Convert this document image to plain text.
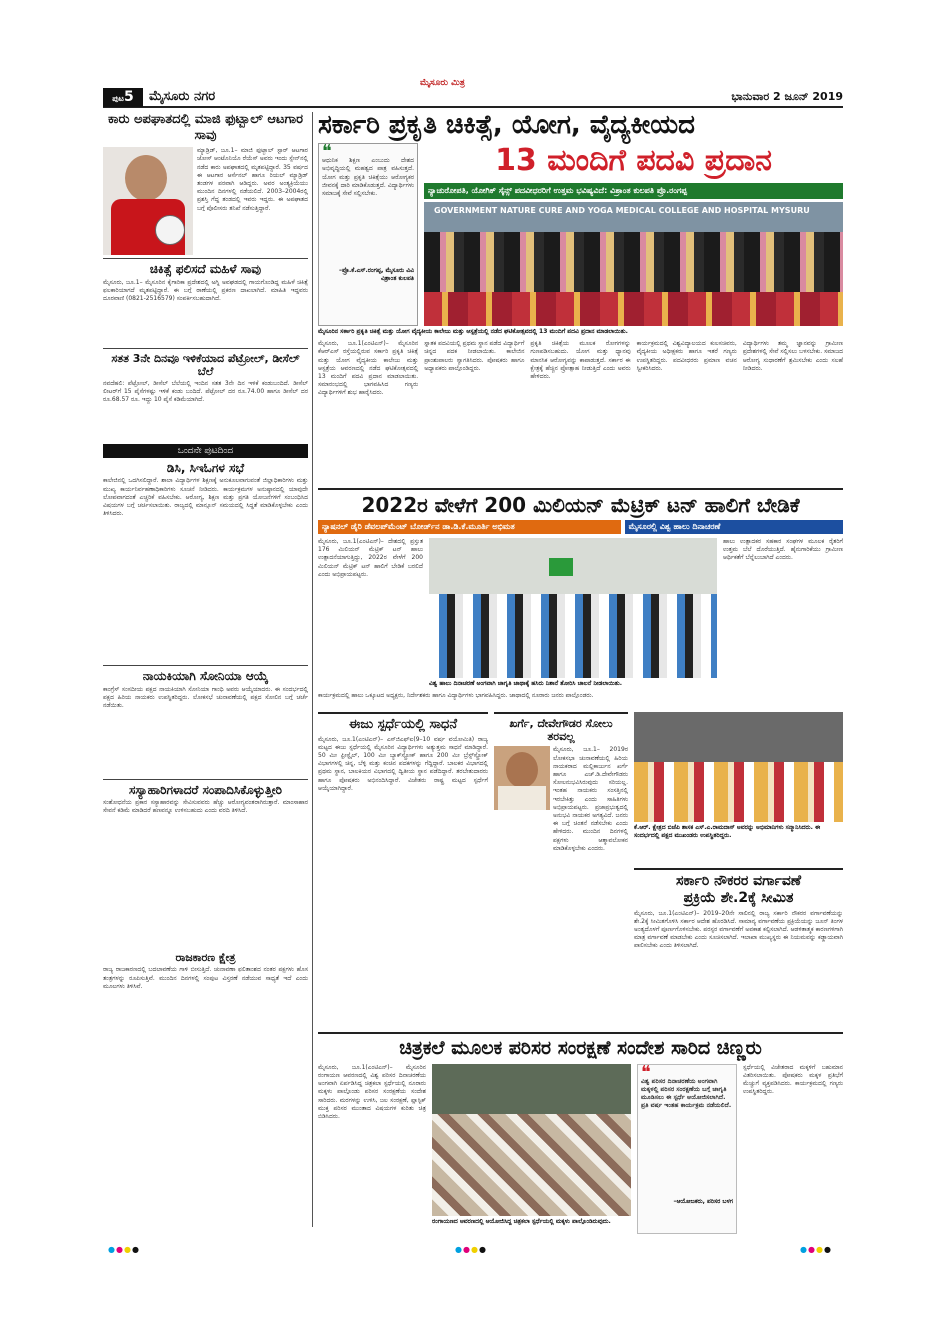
ಮೈಸೂರು ಮಿತ್ರ
ಪುಟ5	ಮೈಸೂರು ನಗರ	ಭಾನುವಾರ 2 ಜೂನ್ 2019
ಕಾರು ಅಪಘಾತದಲ್ಲಿ ಮಾಜಿ ಫುಟ್ಬಾಲ್ ಆಟಗಾರ ಸಾವು
ಮ್ಯಾಡ್ರಿಡ್, ಜೂ.1– ಮಾಜಿ ಫುಟ್ಬಾಲ್ ಸ್ಟಾರ್ ಆಟಗಾರ ಜೋಸ್ ಆಂಟೊನಿಯೊ ರೆಯೆಸ್ ಅವರು ಇಂದು ಸ್ಪೇನ್‌ನಲ್ಲಿ ನಡೆದ ಕಾರು ಅಪಘಾತದಲ್ಲಿ ಮೃತಪಟ್ಟಿದ್ದಾರೆ. 35 ವರ್ಷದ ಈ ಆಟಗಾರ ಆರ್ಸೆನಲ್ ಹಾಗೂ ರಿಯಲ್ ಮ್ಯಾಡ್ರಿಡ್ ತಂಡಗಳ ಪರವಾಗಿ ಆಡಿದ್ದರು. ಅವರ ಅಂತ್ಯಕ್ರಿಯೆಯು ಮುಂದಿನ ದಿನಗಳಲ್ಲಿ ನಡೆಯಲಿದೆ. 2003–2004ರಲ್ಲಿ ಪ್ರಶಸ್ತಿ ಗೆದ್ದ ತಂಡದಲ್ಲಿ ಇವರು ಇದ್ದರು. ಈ ಅಪಘಾತದ ಬಗ್ಗೆ ಪೊಲೀಸರು ತನಿಖೆ ನಡೆಸುತ್ತಿದ್ದಾರೆ.
ಚಿಕಿತ್ಸೆ ಫಲಿಸದೆ ಮಹಿಳೆ ಸಾವು
ಮೈಸೂರು, ಜೂ.1– ಮೈಸೂರಿನ ಕೈಗಾರಿಕಾ ಪ್ರದೇಶದಲ್ಲಿ ಅಗ್ನಿ ಅವಘಡದಲ್ಲಿ ಗಾಯಗೊಂಡಿದ್ದ ಮಹಿಳೆ ಚಿಕಿತ್ಸೆ ಫಲಕಾರಿಯಾಗದೆ ಮೃತಪಟ್ಟಿದ್ದಾರೆ. ಈ ಬಗ್ಗೆ ಠಾಣೆಯಲ್ಲಿ ಪ್ರಕರಣ ದಾಖಲಾಗಿದೆ. ಮಾಹಿತಿ ಇದ್ದವರು ದೂರವಾಣಿ (0821-2516579) ಸಂಪರ್ಕಿಸಬಹುದಾಗಿದೆ.
ಸತತ 3ನೇ ದಿನವೂ ಇಳಿಕೆಯಾದ ಪೆಟ್ರೋಲ್, ಡೀಸೆಲ್ ಬೆಲೆ
ನವದೆಹಲಿ: ಪೆಟ್ರೋಲ್, ಡೀಸೆಲ್ ಬೆಲೆಯಲ್ಲಿ ಇಂದಿನ ಸತತ 3ನೇ ದಿನ ಇಳಿಕೆ ಕಂಡುಬಂದಿದೆ. ಡೀಸೆಲ್ ಲೀಟರ್‌ಗೆ 15 ಪೈಸೆಗಳಷ್ಟು ಇಳಿಕೆ ಕಂಡು ಬಂದಿದೆ. ಪೆಟ್ರೋಲ್ ದರ ರೂ.74.00 ಹಾಗೂ ಡೀಸೆಲ್ ದರ ರೂ.68.57 ರೂ. ಇದ್ದು 10 ಪೈಸೆ ಕಡಿಮೆಯಾಗಿದೆ.
ಒಂದನೇ ಪುಟದಿಂದ
ಡಿಸಿ, ಸಿಇಓಗಳ ಸಭೆ
ಕಾಲೇಜಿನಲ್ಲಿ ಒದಗಿಸಲಿದ್ದಾರೆ. ಶಾಲಾ ವಿದ್ಯಾರ್ಥಿಗಳ ಶಿಕ್ಷಣಕ್ಕೆ ಅನುಕೂಲವಾಗುವಂತೆ ಜಿಲ್ಲಾಧಿಕಾರಿಗಳು ಮತ್ತು ಮುಖ್ಯ ಕಾರ್ಯನಿರ್ವಹಣಾಧಿಕಾರಿಗಳು ಸೂಚನೆ ನೀಡಿದರು. ಕಾರ್ಯಕ್ರಮಗಳ ಅನುಷ್ಠಾನದಲ್ಲಿ ಯಾವುದೇ ಲೋಪವಾಗದಂತೆ ಎಚ್ಚರಿಕೆ ವಹಿಸಬೇಕು. ಆರೋಗ್ಯ, ಶಿಕ್ಷಣ ಮತ್ತು ಪ್ರಗತಿ ಯೋಜನೆಗಳಿಗೆ ಸಂಬಂಧಿಸಿದ ವಿಷಯಗಳ ಬಗ್ಗೆ ಚರ್ಚಿಸಲಾಯಿತು. ರಾಜ್ಯದಲ್ಲಿ ಮಾನ್ಸೂನ್ ಸಮಯದಲ್ಲಿ ಸಿದ್ಧತೆ ಮಾಡಿಕೊಳ್ಳಬೇಕು ಎಂದು ತಿಳಿಸಿದರು.
ನಾಯಕಿಯಾಗಿ ಸೋನಿಯಾ ಆಯ್ಕೆ
ಕಾಂಗ್ರೆಸ್ ಸಂಸದೀಯ ಪಕ್ಷದ ನಾಯಕಿಯಾಗಿ ಸೋನಿಯಾ ಗಾಂಧಿ ಅವರು ಆಯ್ಕೆಯಾದರು. ಈ ಸಂದರ್ಭದಲ್ಲಿ ಪಕ್ಷದ ಹಿರಿಯ ನಾಯಕರು ಉಪಸ್ಥಿತರಿದ್ದರು. ಲೋಕಸಭೆ ಚುನಾವಣೆಯಲ್ಲಿ ಪಕ್ಷದ ಸೋಲಿನ ಬಗ್ಗೆ ಚರ್ಚೆ ನಡೆಯಿತು.
ಸಸ್ಯಾಹಾರಿಗಳಾದರೆ ಸಂಪಾದಿಸಿಕೊಳ್ಳುತ್ತೀರಿ
ಸಂಶೋಧನೆಯ ಪ್ರಕಾರ ಸಸ್ಯಾಹಾರವನ್ನು ಸೇವಿಸುವವರು ಹೆಚ್ಚು ಆರೋಗ್ಯವಂತರಾಗಿರುತ್ತಾರೆ. ಮಾಂಸಾಹಾರ ಸೇವನೆ ಕಡಿಮೆ ಮಾಡಿದರೆ ಹಣವನ್ನೂ ಉಳಿಸಬಹುದು ಎಂದು ವರದಿ ತಿಳಿಸಿದೆ.
ರಾಜಕಾರಣ ಕ್ಷೇತ್ರ
ರಾಜ್ಯ ರಾಜಕಾರಣದಲ್ಲಿ ಬದಲಾವಣೆಯ ಗಾಳಿ ಬೀಸುತ್ತಿದೆ. ಚುನಾವಣಾ ಫಲಿತಾಂಶದ ನಂತರ ಪಕ್ಷಗಳು ಹೊಸ ತಂತ್ರಗಳನ್ನು ರೂಪಿಸುತ್ತಿವೆ. ಮುಂದಿನ ದಿನಗಳಲ್ಲಿ ಸಂಪುಟ ವಿಸ್ತರಣೆ ನಡೆಯುವ ಸಾಧ್ಯತೆ ಇದೆ ಎಂದು ಮೂಲಗಳು ತಿಳಿಸಿವೆ.
ಸರ್ಕಾರಿ ಪ್ರಕೃತಿ ಚಿಕಿತ್ಸೆ, ಯೋಗ, ವೈದ್ಯಕೀಯದ
❝
ಆಧುನಿಕ ಶಿಕ್ಷಣ ಎಂಬುದು ದೇಶದ ಅಭಿವೃದ್ಧಿಯಲ್ಲಿ ಮಹತ್ವದ ಪಾತ್ರ ವಹಿಸುತ್ತದೆ. ಯೋಗ ಮತ್ತು ಪ್ರಕೃತಿ ಚಿಕಿತ್ಸೆಯು ಆರೋಗ್ಯಕರ ಜೀವನಕ್ಕೆ ದಾರಿ ಮಾಡಿಕೊಡುತ್ತದೆ. ವಿದ್ಯಾರ್ಥಿಗಳು ಸಮಾಜಕ್ಕೆ ಸೇವೆ ಸಲ್ಲಿಸಬೇಕು.
–ಪ್ರೊ.ಕೆ.ಎಸ್.ರಂಗಪ್ಪ, ಮೈಸೂರು ವಿವಿ ವಿಶ್ರಾಂತ ಕುಲಪತಿ
13 ಮಂದಿಗೆ ಪದವಿ ಪ್ರದಾನ
ನ್ಯಾಚುರೋಪತಿ, ಯೋಗಿಕ್ ಸೈನ್ಸ್ ಪದವೀಧರರಿಗೆ ಉತ್ತಮ ಭವಿಷ್ಯವಿದೆ: ವಿಶ್ರಾಂತ ಕುಲಪತಿ ಪ್ರೊ.ರಂಗಪ್ಪ
GOVERNMENT NATURE CURE AND YOGA MEDICAL COLLEGE AND HOSPITAL MYSURU
ಮೈಸೂರಿನ ಸರ್ಕಾರಿ ಪ್ರಕೃತಿ ಚಿಕಿತ್ಸೆ ಮತ್ತು ಯೋಗ ವೈದ್ಯಕೀಯ ಕಾಲೇಜು ಮತ್ತು ಆಸ್ಪತ್ರೆಯಲ್ಲಿ ನಡೆದ ಘಟಿಕೋತ್ಸವದಲ್ಲಿ 13 ಮಂದಿಗೆ ಪದವಿ ಪ್ರದಾನ ಮಾಡಲಾಯಿತು.
ಮೈಸೂರು, ಜೂ.1(ಎಂಟಿಎನ್)– ಮೈಸೂರಿನ ಕೆಆರ್‌ಎಸ್ ರಸ್ತೆಯಲ್ಲಿರುವ ಸರ್ಕಾರಿ ಪ್ರಕೃತಿ ಚಿಕಿತ್ಸೆ ಮತ್ತು ಯೋಗ ವೈದ್ಯಕೀಯ ಕಾಲೇಜು ಮತ್ತು ಆಸ್ಪತ್ರೆಯ ಆವರಣದಲ್ಲಿ ನಡೆದ ಘಟಿಕೋತ್ಸವದಲ್ಲಿ 13 ಮಂದಿಗೆ ಪದವಿ ಪ್ರದಾನ ಮಾಡಲಾಯಿತು. ಸಮಾರಂಭದಲ್ಲಿ ಭಾಗವಹಿಸಿದ ಗಣ್ಯರು ವಿದ್ಯಾರ್ಥಿಗಳಿಗೆ ಶುಭ ಹಾರೈಸಿದರು.
ಸ್ನಾತಕ ಪದವಿಯಲ್ಲಿ ಪ್ರಥಮ ಸ್ಥಾನ ಪಡೆದ ವಿದ್ಯಾರ್ಥಿಗೆ ಚಿನ್ನದ ಪದಕ ನೀಡಲಾಯಿತು. ಕಾಲೇಜಿನ ಪ್ರಾಂಶುಪಾಲರು ಸ್ವಾಗತಿಸಿದರು. ಪೋಷಕರು ಹಾಗೂ ಅಧ್ಯಾಪಕರು ಪಾಲ್ಗೊಂಡಿದ್ದರು.
ಪ್ರಕೃತಿ ಚಿಕಿತ್ಸೆಯ ಮೂಲಕ ರೋಗಗಳನ್ನು ಗುಣಪಡಿಸಬಹುದು. ಯೋಗ ಮತ್ತು ಧ್ಯಾನವು ಮಾನಸಿಕ ಆರೋಗ್ಯವನ್ನು ಕಾಪಾಡುತ್ತದೆ. ಸರ್ಕಾರ ಈ ಕ್ಷೇತ್ರಕ್ಕೆ ಹೆಚ್ಚಿನ ಪ್ರೋತ್ಸಾಹ ನೀಡುತ್ತಿದೆ ಎಂದು ಅವರು ಹೇಳಿದರು.
ಕಾರ್ಯಕ್ರಮದಲ್ಲಿ ವಿಶ್ವವಿದ್ಯಾಲಯದ ಕುಲಸಚಿವರು, ವೈದ್ಯಕೀಯ ಅಧೀಕ್ಷಕರು ಹಾಗೂ ಇತರೆ ಗಣ್ಯರು ಉಪಸ್ಥಿತರಿದ್ದರು. ಪದವೀಧರರು ಪ್ರಮಾಣ ವಚನ ಸ್ವೀಕರಿಸಿದರು.
ವಿದ್ಯಾರ್ಥಿಗಳು ತಮ್ಮ ಜ್ಞಾನವನ್ನು ಗ್ರಾಮೀಣ ಪ್ರದೇಶಗಳಲ್ಲಿ ಸೇವೆ ಸಲ್ಲಿಸಲು ಬಳಸಬೇಕು. ಸಮಾಜದ ಆರೋಗ್ಯ ಸುಧಾರಣೆಗೆ ಶ್ರಮಿಸಬೇಕು ಎಂದು ಸಲಹೆ ನೀಡಿದರು.
2022ರ ವೇಳೆಗೆ 200 ಮಿಲಿಯನ್ ಮೆಟ್ರಿಕ್ ಟನ್ ಹಾಲಿಗೆ ಬೇಡಿಕೆ
ನ್ಯಾಷನಲ್ ಡೈರಿ ಡೆವಲಪ್‌ಮೆಂಟ್ ಬೋರ್ಡ್‌ನ ಡಾ.ಡಿ.ಕೆ.ಮೂರ್ತಿ ಅಭಿಮತ	ಮೈಸೂರಲ್ಲಿ ವಿಶ್ವ ಹಾಲು ದಿನಾಚರಣೆ
ಮೈಸೂರು, ಜೂ.1(ಎಂಟಿಎನ್)– ದೇಶದಲ್ಲಿ ಪ್ರಸ್ತುತ 176 ಮಿಲಿಯನ್ ಮೆಟ್ರಿಕ್ ಟನ್ ಹಾಲು ಉತ್ಪಾದನೆಯಾಗುತ್ತಿದ್ದು, 2022ರ ವೇಳೆಗೆ 200 ಮಿಲಿಯನ್ ಮೆಟ್ರಿಕ್ ಟನ್ ಹಾಲಿಗೆ ಬೇಡಿಕೆ ಬರಲಿದೆ ಎಂದು ಅಭಿಪ್ರಾಯಪಟ್ಟರು.
ವಿಶ್ವ ಹಾಲು ದಿನಾಚರಣೆ ಅಂಗವಾಗಿ ಜಾಗೃತಿ ಜಾಥಾಕ್ಕೆ ಹಸಿರು ನಿಶಾನೆ ತೋರಿಸಿ ಚಾಲನೆ ನೀಡಲಾಯಿತು.
ಹಾಲು ಉತ್ಪಾದಕರ ಸಹಕಾರ ಸಂಘಗಳ ಮೂಲಕ ರೈತರಿಗೆ ಉತ್ತಮ ಬೆಲೆ ದೊರೆಯುತ್ತಿದೆ. ಹೈನುಗಾರಿಕೆಯು ಗ್ರಾಮೀಣ ಆರ್ಥಿಕತೆಗೆ ಬೆನ್ನೆಲುಬಾಗಿದೆ ಎಂದರು.
ಕಾರ್ಯಕ್ರಮದಲ್ಲಿ ಹಾಲು ಒಕ್ಕೂಟದ ಅಧ್ಯಕ್ಷರು, ನಿರ್ದೇಶಕರು ಹಾಗೂ ವಿದ್ಯಾರ್ಥಿಗಳು ಭಾಗವಹಿಸಿದ್ದರು. ಜಾಥಾದಲ್ಲಿ ನೂರಾರು ಜನರು ಪಾಲ್ಗೊಂಡರು.
ಈಜು ಸ್ಪರ್ಧೆಯಲ್ಲಿ ಸಾಧನೆ
ಮೈಸೂರು, ಜೂ.1(ಎಂಟಿಎನ್)– ಎಸ್‌ಜಿಎಫ್ಐ(9–10 ವರ್ಷ ವಯೋಮಿತಿ) ರಾಜ್ಯ ಮಟ್ಟದ ಈಜು ಸ್ಪರ್ಧೆಯಲ್ಲಿ ಮೈಸೂರಿನ ವಿದ್ಯಾರ್ಥಿಗಳು ಅತ್ಯುತ್ತಮ ಸಾಧನೆ ಮಾಡಿದ್ದಾರೆ. 50 ಮೀ ಫ್ರೀಸ್ಟೈಲ್, 100 ಮೀ ಬ್ಯಾಕ್‌ಸ್ಟ್ರೋಕ್ ಹಾಗೂ 200 ಮೀ ಬ್ರೆಸ್ಟ್‌ಸ್ಟ್ರೋಕ್ ವಿಭಾಗಗಳಲ್ಲಿ ಚಿನ್ನ, ಬೆಳ್ಳಿ ಮತ್ತು ಕಂಚಿನ ಪದಕಗಳನ್ನು ಗೆದ್ದಿದ್ದಾರೆ. ಬಾಲಕರ ವಿಭಾಗದಲ್ಲಿ ಪ್ರಥಮ ಸ್ಥಾನ, ಬಾಲಕಿಯರ ವಿಭಾಗದಲ್ಲಿ ದ್ವಿತೀಯ ಸ್ಥಾನ ಪಡೆದಿದ್ದಾರೆ. ತರಬೇತುದಾರರು ಹಾಗೂ ಪೋಷಕರು ಅಭಿನಂದಿಸಿದ್ದಾರೆ. ವಿಜೇತರು ರಾಷ್ಟ್ರ ಮಟ್ಟದ ಸ್ಪರ್ಧೆಗೆ ಆಯ್ಕೆಯಾಗಿದ್ದಾರೆ.
ಖರ್ಗೆ, ದೇವೇಗೌಡರ ಸೋಲು ತರವಲ್ಲ
ಮೈಸೂರು, ಜೂ.1– 2019ರ ಲೋಕಸಭಾ ಚುನಾವಣೆಯಲ್ಲಿ ಹಿರಿಯ ನಾಯಕರಾದ ಮಲ್ಲಿಕಾರ್ಜುನ ಖರ್ಗೆ ಹಾಗೂ ಎಚ್.ಡಿ.ದೇವೇಗೌಡರು ಸೋಲನುಭವಿಸಿರುವುದು ಸರಿಯಲ್ಲ. ಇಂತಹ ನಾಯಕರು ಸಂಸತ್ತಿನಲ್ಲಿ ಇರಬೇಕಿತ್ತು ಎಂದು ಸಾಹಿತಿಗಳು ಅಭಿಪ್ರಾಯಪಟ್ಟರು. ಪ್ರಜಾಪ್ರಭುತ್ವದಲ್ಲಿ ಅನುಭವಿ ನಾಯಕರ ಅಗತ್ಯವಿದೆ. ಜನರು ಈ ಬಗ್ಗೆ ಚಿಂತನೆ ನಡೆಸಬೇಕು ಎಂದು ಹೇಳಿದರು. ಮುಂದಿನ ದಿನಗಳಲ್ಲಿ ಪಕ್ಷಗಳು ಆತ್ಮಾವಲೋಕನ ಮಾಡಿಕೊಳ್ಳಬೇಕು ಎಂದರು.
ಕೆ.ಆರ್. ಕ್ಷೇತ್ರದ ಬಿಜೆಪಿ ಶಾಸಕ ಎಸ್.ಎ.ರಾಮದಾಸ್ ಅವರನ್ನು ಅಭಿಮಾನಿಗಳು ಸನ್ಮಾನಿಸಿದರು. ಈ ಸಂದರ್ಭದಲ್ಲಿ ಪಕ್ಷದ ಮುಖಂಡರು ಉಪಸ್ಥಿತರಿದ್ದರು.
ಸರ್ಕಾರಿ ನೌಕರರ ವರ್ಗಾವಣೆ
ಪ್ರಕ್ರಿಯೆ ಶೇ.2ಕ್ಕೆ ಸೀಮಿತ
ಮೈಸೂರು, ಜೂ.1(ಎಂಟಿಎನ್)– 2019–20ನೇ ಸಾಲಿನಲ್ಲಿ ರಾಜ್ಯ ಸರ್ಕಾರಿ ನೌಕರರ ವರ್ಗಾವಣೆಯನ್ನು ಶೇ.2ಕ್ಕೆ ಸೀಮಿತಗೊಳಿಸಿ ಸರ್ಕಾರ ಆದೇಶ ಹೊರಡಿಸಿದೆ. ಸಾಮಾನ್ಯ ವರ್ಗಾವಣೆಯ ಪ್ರಕ್ರಿಯೆಯನ್ನು ಜೂನ್ ತಿಂಗಳ ಅಂತ್ಯದೊಳಗೆ ಪೂರ್ಣಗೊಳಿಸಬೇಕು. ಪರಸ್ಪರ ವರ್ಗಾವಣೆಗೆ ಅವಕಾಶ ಕಲ್ಪಿಸಲಾಗಿದೆ. ಆಡಳಿತಾತ್ಮಕ ಕಾರಣಗಳಿಗಾಗಿ ಮಾತ್ರ ವರ್ಗಾವಣೆ ಮಾಡಬೇಕು ಎಂದು ಸೂಚಿಸಲಾಗಿದೆ. ಇಲಾಖಾ ಮುಖ್ಯಸ್ಥರು ಈ ನಿಯಮವನ್ನು ಕಡ್ಡಾಯವಾಗಿ ಪಾಲಿಸಬೇಕು ಎಂದು ತಿಳಿಸಲಾಗಿದೆ.
ಚಿತ್ರಕಲೆ ಮೂಲಕ ಪರಿಸರ ಸಂರಕ್ಷಣೆ ಸಂದೇಶ ಸಾರಿದ ಚಿಣ್ಣರು
ಮೈಸೂರು, ಜೂ.1(ಎಂಟಿಎನ್)– ಮೈಸೂರಿನ ರಂಗಾಯಣ ಆವರಣದಲ್ಲಿ ವಿಶ್ವ ಪರಿಸರ ದಿನಾಚರಣೆಯ ಅಂಗವಾಗಿ ಏರ್ಪಡಿಸಿದ್ದ ಚಿತ್ರಕಲಾ ಸ್ಪರ್ಧೆಯಲ್ಲಿ ನೂರಾರು ಮಕ್ಕಳು ಪಾಲ್ಗೊಂಡು ಪರಿಸರ ಸಂರಕ್ಷಣೆಯ ಸಂದೇಶ ಸಾರಿದರು. ಮರಗಳನ್ನು ಉಳಿಸಿ, ಜಲ ಸಂರಕ್ಷಣೆ, ಪ್ಲಾಸ್ಟಿಕ್ ಮುಕ್ತ ಪರಿಸರ ಮುಂತಾದ ವಿಷಯಗಳ ಕುರಿತು ಚಿತ್ರ ಬಿಡಿಸಿದರು.
ರಂಗಾಯಣದ ಆವರಣದಲ್ಲಿ ಆಯೋಜಿಸಿದ್ದ ಚಿತ್ರಕಲಾ ಸ್ಪರ್ಧೆಯಲ್ಲಿ ಮಕ್ಕಳು ಪಾಲ್ಗೊಂಡಿರುವುದು.
❝
ವಿಶ್ವ ಪರಿಸರ ದಿನಾಚರಣೆಯ ಅಂಗವಾಗಿ ಮಕ್ಕಳಲ್ಲಿ ಪರಿಸರ ಸಂರಕ್ಷಣೆಯ ಬಗ್ಗೆ ಜಾಗೃತಿ ಮೂಡಿಸಲು ಈ ಸ್ಪರ್ಧೆ ಆಯೋಜಿಸಲಾಗಿದೆ. ಪ್ರತಿ ವರ್ಷ ಇಂತಹ ಕಾರ್ಯಕ್ರಮ ನಡೆಯಲಿದೆ.
–ಆಯೋಜಕರು, ಪರಿಸರ ಬಳಗ
ಸ್ಪರ್ಧೆಯಲ್ಲಿ ವಿಜೇತರಾದ ಮಕ್ಕಳಿಗೆ ಬಹುಮಾನ ವಿತರಿಸಲಾಯಿತು. ಪೋಷಕರು ಮಕ್ಕಳ ಪ್ರತಿಭೆಗೆ ಮೆಚ್ಚುಗೆ ವ್ಯಕ್ತಪಡಿಸಿದರು. ಕಾರ್ಯಕ್ರಮದಲ್ಲಿ ಗಣ್ಯರು ಉಪಸ್ಥಿತರಿದ್ದರು.
●●●●	●●●●	●●●●
